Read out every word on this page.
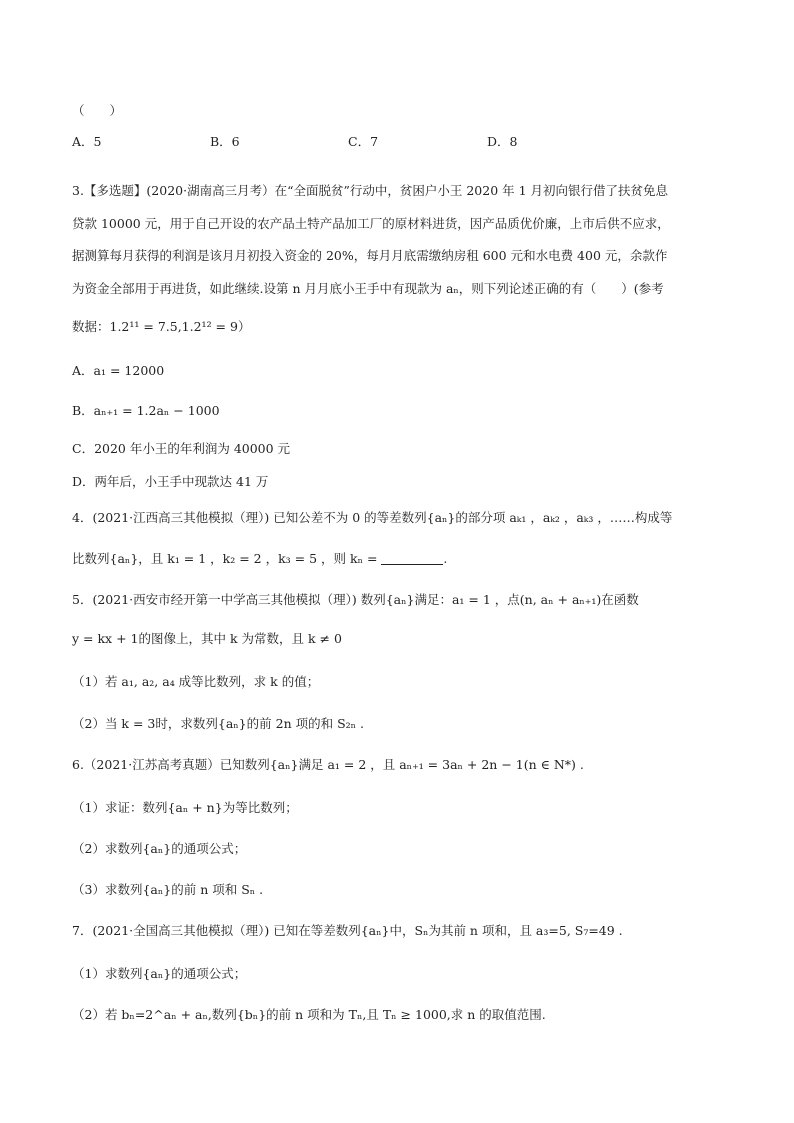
（　　）
A．5	B．6	C．7	D．8
3.【多选题】(2020·湖南高三月考）在“全面脱贫”行动中，贫困户小王 2020 年 1 月初向银行借了扶贫免息
贷款 10000 元，用于自己开设的农产品土特产品加工厂的原材料进货，因产品质优价廉，上市后供不应求，
据测算每月获得的利润是该月月初投入资金的 20%，每月月底需缴纳房租 600 元和水电费 400 元，余款作
为资金全部用于再进货，如此继续.设第 n 月月底小王手中有现款为 aₙ，则下列论述正确的有（　　）(参考
数据：1.2¹¹ = 7.5,1.2¹² = 9）
A．a₁ = 12000
B．aₙ₊₁ = 1.2aₙ − 1000
C．2020 年小王的年利润为 40000 元
D．两年后，小王手中现款达 41 万
4．(2021·江西高三其他模拟（理）) 已知公差不为 0 的等差数列{aₙ}的部分项 aₖ₁ ，aₖ₂ ，aₖ₃ ，……构成等
比数列{aₙ}，且 k₁ = 1 ，k₂ = 2 ，k₃ = 5 ，则 kₙ =	.
5．(2021·西安市经开第一中学高三其他模拟（理）) 数列{aₙ}满足：a₁ = 1 ，点(n, aₙ + aₙ₊₁)在函数
y = kx + 1的图像上，其中 k 为常数，且 k ≠ 0
（1）若 a₁, a₂, a₄ 成等比数列，求 k 的值；
（2）当 k = 3时，求数列{aₙ}的前 2n 项的和 S₂ₙ .
6.（2021·江苏高考真题）已知数列{aₙ}满足 a₁ = 2 ，且 aₙ₊₁ = 3aₙ + 2n − 1(n ∈ N*) .
（1）求证：数列{aₙ + n}为等比数列；
（2）求数列{aₙ}的通项公式；
（3）求数列{aₙ}的前 n 项和 Sₙ .
7．(2021·全国高三其他模拟（理）) 已知在等差数列{aₙ}中，Sₙ为其前 n 项和，且 a₃=5, S₇=49 .
（1）求数列{aₙ}的通项公式；
（2）若 bₙ=2^aₙ + aₙ,数列{bₙ}的前 n 项和为 Tₙ,且 Tₙ ≥ 1000,求 n 的取值范围.
